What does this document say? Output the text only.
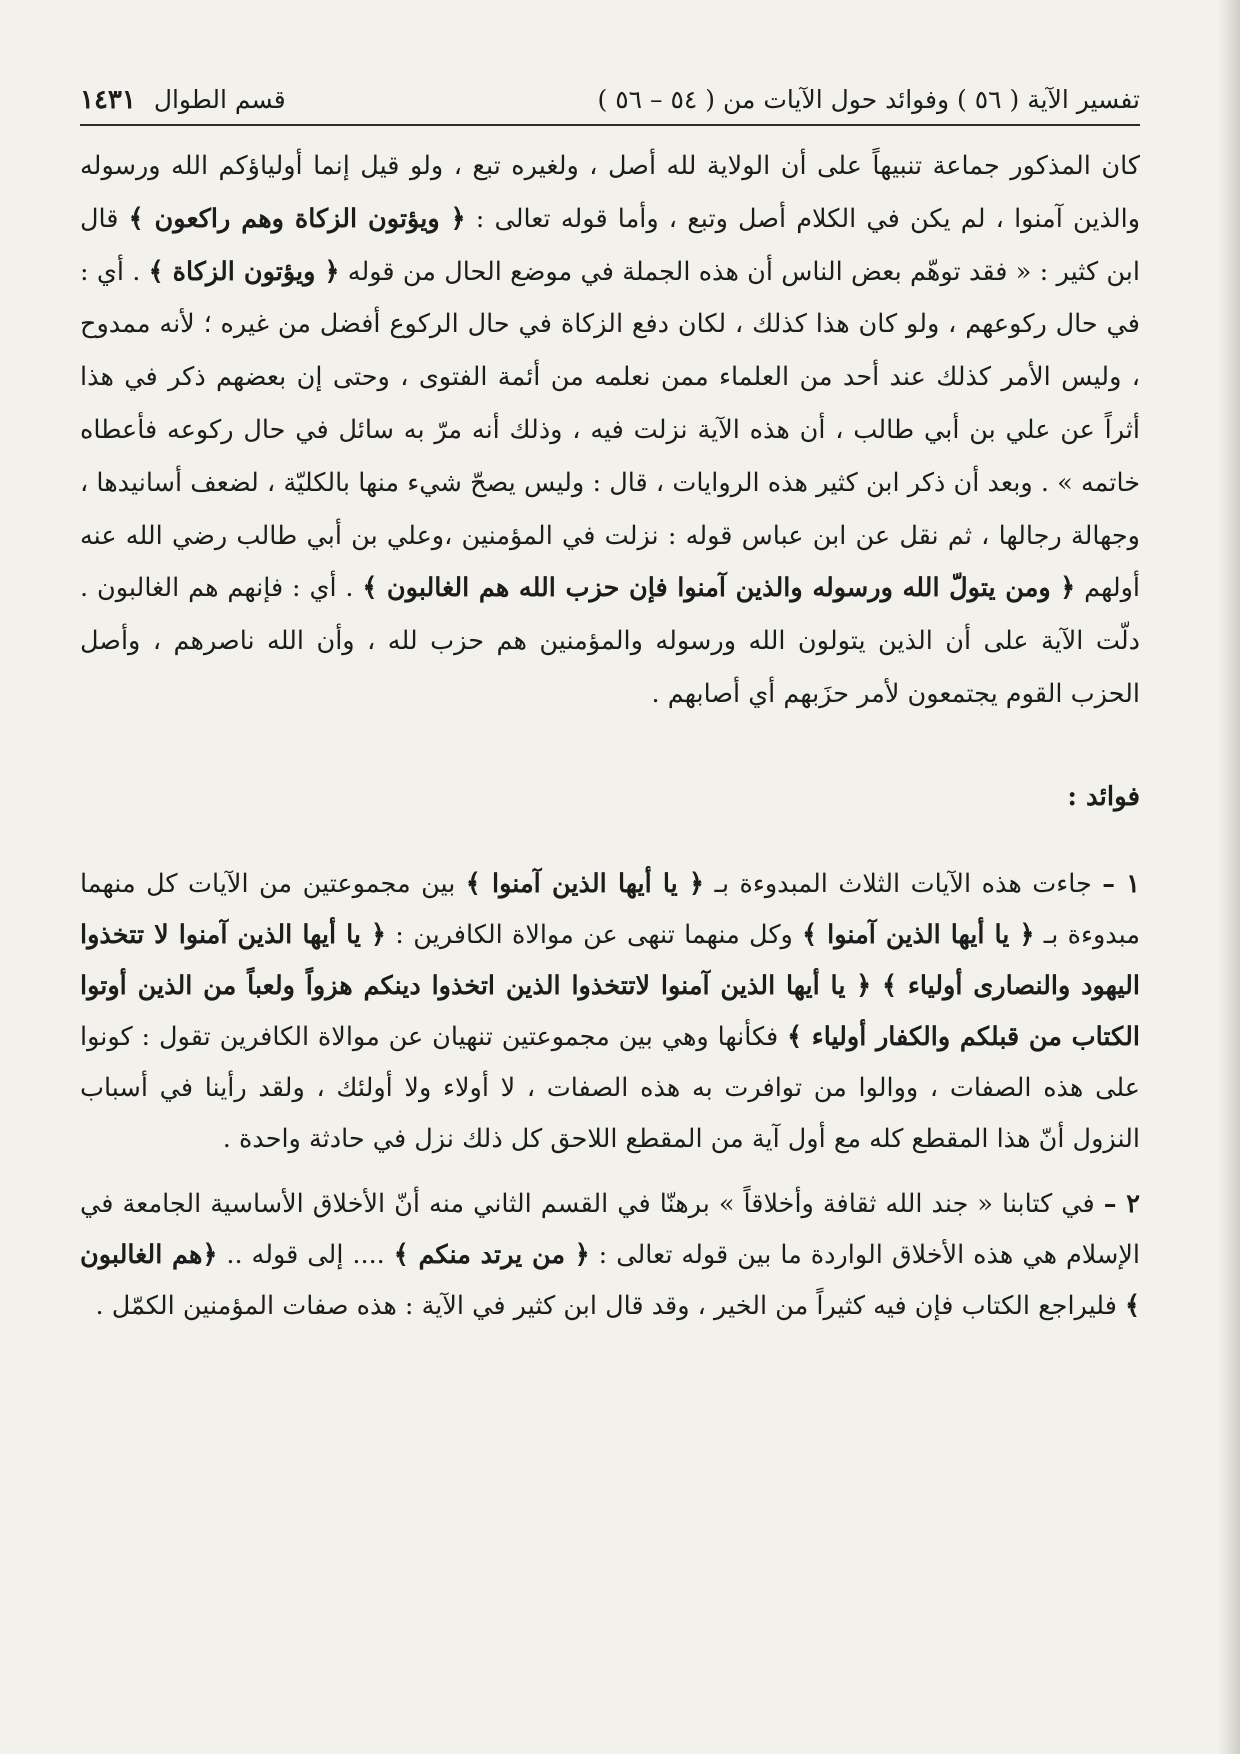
تفسير الآية ( ٥٦ ) وفوائد حول الآيات من ( ٥٤ – ٥٦ )
قسم الطوال ١٤٣١

كان المذكور جماعة تنبيهاً على أن الولاية لله أصل ، ولغيره تبع ، ولو قيل إنما أولياؤكم الله ورسوله والذين آمنوا ، لم يكن في الكلام أصل وتبع ، وأما قوله تعالى : ﴿ ويؤتون الزكاة وهم راكعون ﴾ قال ابن كثير : « فقد توهّم بعض الناس أن هذه الجملة في موضع الحال من قوله ﴿ ويؤتون الزكاة ﴾ . أي : في حال ركوعهم ، ولو كان هذا كذلك ، لكان دفع الزكاة في حال الركوع أفضل من غيره ؛ لأنه ممدوح ، وليس الأمر كذلك عند أحد من العلماء ممن نعلمه من أئمة الفتوى ، وحتى إن بعضهم ذكر في هذا أثراً عن علي بن أبي طالب ، أن هذه الآية نزلت فيه ، وذلك أنه مرّ به سائل في حال ركوعه فأعطاه خاتمه » . وبعد أن ذكر ابن كثير هذه الروايات ، قال : وليس يصحّ شيء منها بالكليّة ، لضعف أسانيدها ، وجهالة رجالها ، ثم نقل عن ابن عباس قوله : نزلت في المؤمنين ،وعلي بن أبي طالب رضي الله عنه أولهم ﴿ ومن يتولّ الله ورسوله والذين آمنوا فإن حزب الله هم الغالبون ﴾ . أي : فإنهم هم الغالبون . دلّت الآية على أن الذين يتولون الله ورسوله والمؤمنين هم حزب لله ، وأن الله ناصرهم ، وأصل الحزب القوم يجتمعون لأمر حزَبهم أي أصابهم .

فوائد :

١ – جاءت هذه الآيات الثلاث المبدوءة بـ ﴿ يا أيها الذين آمنوا ﴾ بين مجموعتين من الآيات كل منهما مبدوءة بـ ﴿ يا أيها الذين آمنوا ﴾ وكل منهما تنهى عن موالاة الكافرين : ﴿ يا أيها الذين آمنوا لا تتخذوا اليهود والنصارى أولياء ﴾ ﴿ يا أيها الذين آمنوا لاتتخذوا الذين اتخذوا دينكم هزواً ولعباً من الذين أوتوا الكتاب من قبلكم والكفار أولياء ﴾ فكأنها وهي بين مجموعتين تنهيان عن موالاة الكافرين تقول : كونوا على هذه الصفات ، ووالوا من توافرت به هذه الصفات ، لا أولاء ولا أولئك ، ولقد رأينا في أسباب النزول أنّ هذا المقطع كله مع أول آية من المقطع اللاحق كل ذلك نزل في حادثة واحدة .

٢ – في كتابنا « جند الله ثقافة وأخلاقاً » برهنّا في القسم الثاني منه أنّ الأخلاق الأساسية الجامعة في الإسلام هي هذه الأخلاق الواردة ما بين قوله تعالى : ﴿ من يرتد منكم ﴾ .... إلى قوله .. ﴿هم الغالبون ﴾ فليراجع الكتاب فإن فيه كثيراً من الخير ، وقد قال ابن كثير في الآية : هذه صفات المؤمنين الكمّل .
